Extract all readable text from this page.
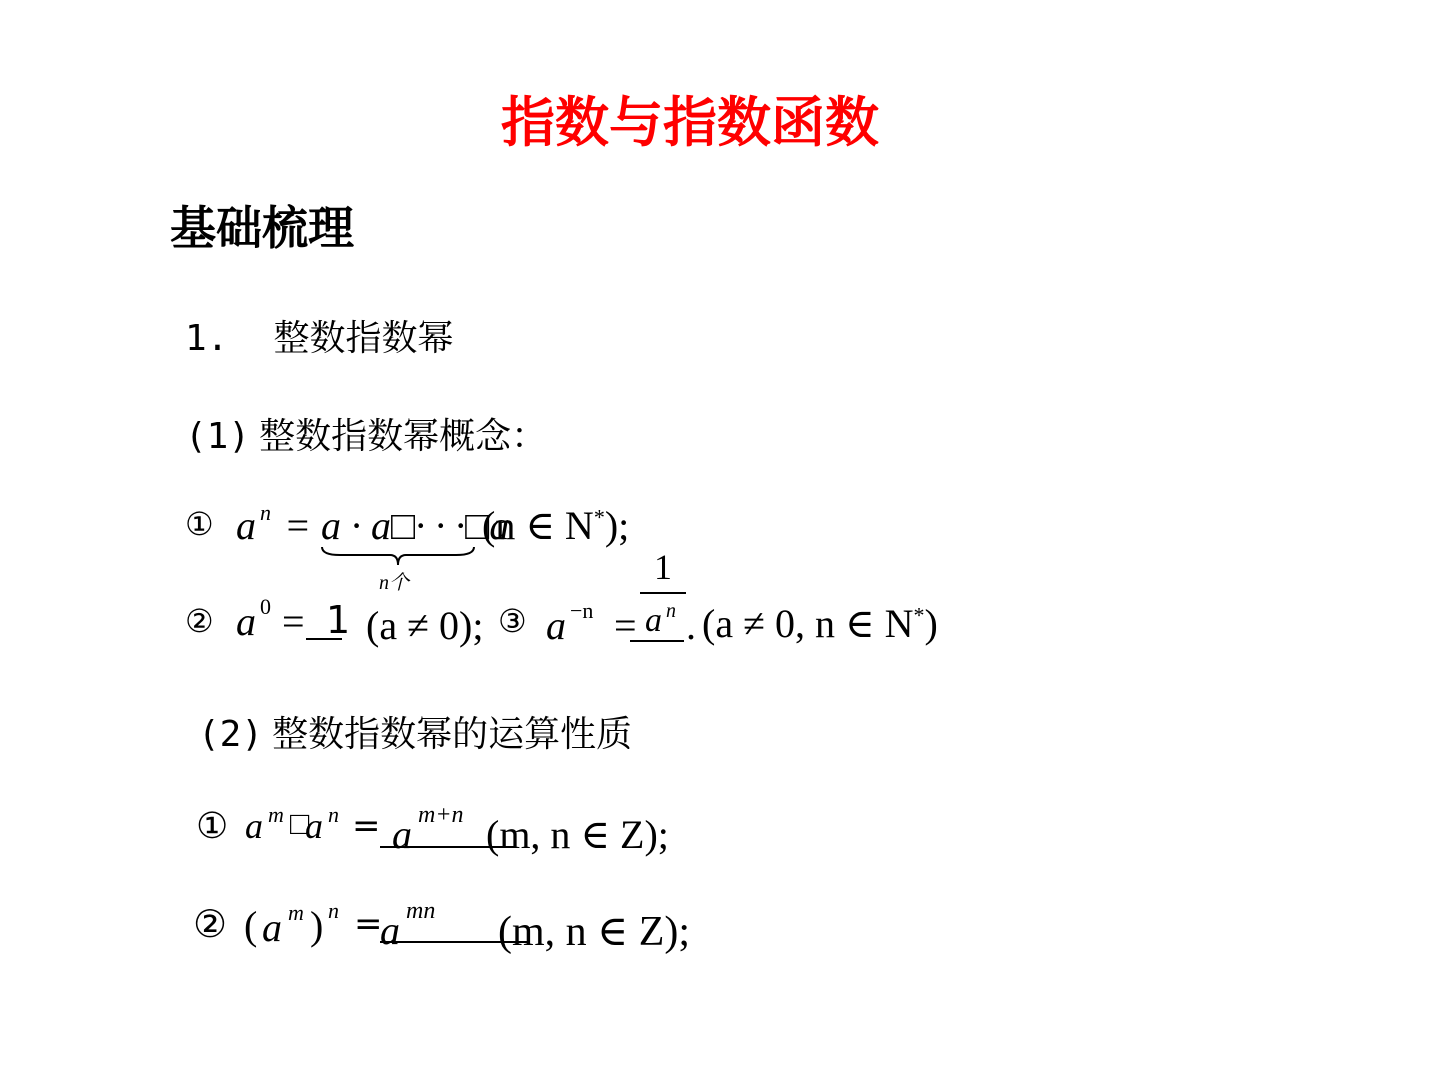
指数与指数函数
基础梳理
1. 整数指数幂
(1) 整数指数幂概念：
① a n = a · a□· · ·□a
n个
(n ∈ N*);
② a 0 = 1 (a ≠ 0); ③ a −n =
1
a n . (a ≠ 0, n ∈ N*)
(2) 整数指数幂的运算性质
① a m □
a n = a m+n (m, n ∈ Z);
② ( a m ) n =
a mn (m, n ∈ Z);
